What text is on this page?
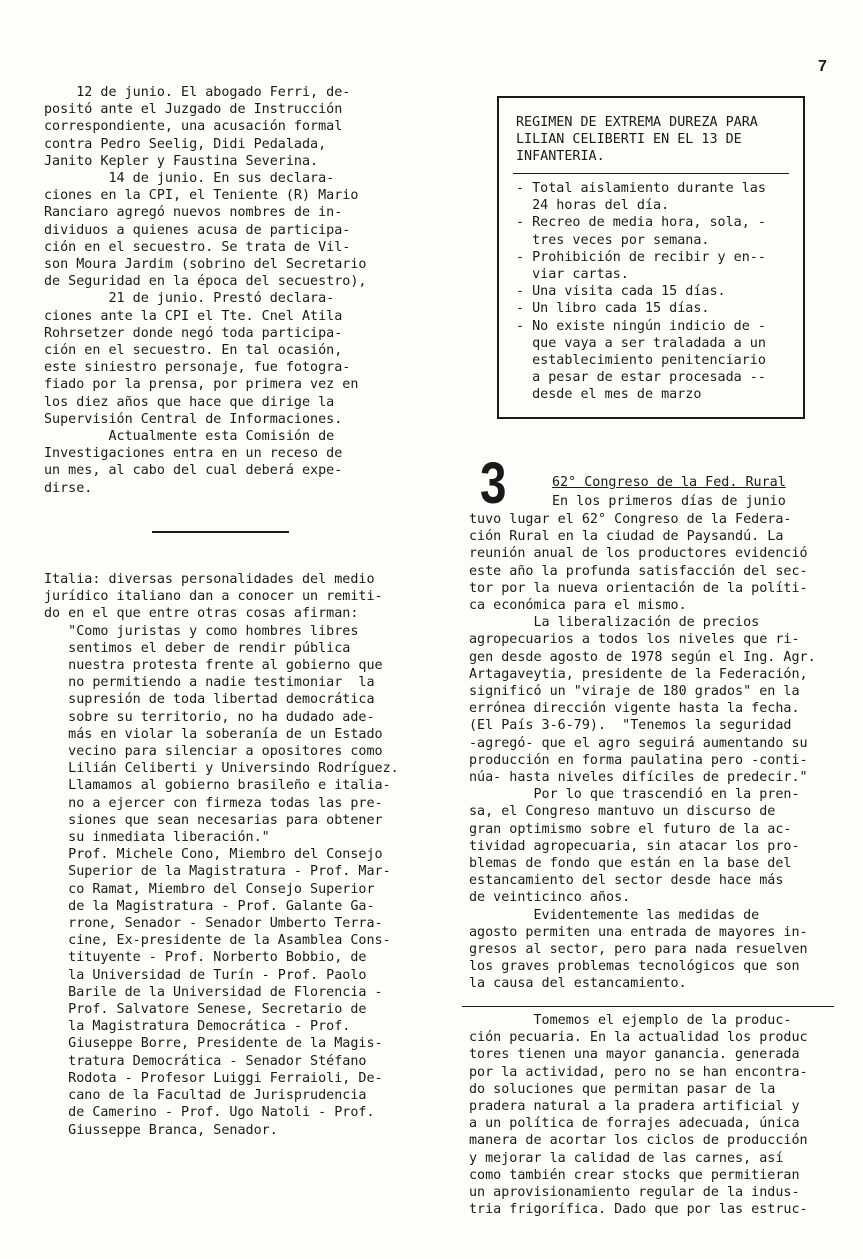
7
12 de junio. El abogado Ferri, de-
positó ante el Juzgado de Instrucción
correspondiente, una acusación formal
contra Pedro Seelig, Didi Pedalada,
Janito Kepler y Faustina Severina.
14 de junio. En sus declara-
ciones en la CPI, el Teniente (R) Mario
Ranciaro agregó nuevos nombres de in-
dividuos a quienes acusa de participa-
ción en el secuestro. Se trata de Vil-
son Moura Jardim (sobrino del Secretario
de Seguridad en la época del secuestro),
21 de junio. Prestó declara-
ciones ante la CPI el Tte. Cnel Atila
Rohrsetzer donde negó toda participa-
ción en el secuestro. En tal ocasión,
este siniestro personaje, fue fotogra-
fiado por la prensa, por primera vez en
los diez años que hace que dirige la
Supervisión Central de Informaciones.
Actualmente esta Comisión de
Investigaciones entra en un receso de
un mes, al cabo del cual deberá expe-
dirse.
Italia: diversas personalidades del medio
jurídico italiano dan a conocer un remiti-
do en el que entre otras cosas afirman:
"Como juristas y como hombres libres
sentimos el deber de rendir pública
nuestra protesta frente al gobierno que
no permitiendo a nadie testimoniar  la
supresión de toda libertad democrática
sobre su territorio, no ha dudado ade-
más en violar la soberanía de un Estado
vecino para silenciar a opositores como
Lilián Celiberti y Universindo Rodríguez.
Llamamos al gobierno brasileño e italia-
no a ejercer con firmeza todas las pre-
siones que sean necesarias para obtener
su inmediata liberación."
Prof. Michele Cono, Miembro del Consejo
Superior de la Magistratura - Prof. Mar-
co Ramat, Miembro del Consejo Superior
de la Magistratura - Prof. Galante Ga-
rrone, Senador - Senador Umberto Terra-
cine, Ex-presidente de la Asamblea Cons-
tituyente - Prof. Norberto Bobbio, de
la Universidad de Turín - Prof. Paolo
Barile de la Universidad de Florencia -
Prof. Salvatore Senese, Secretario de
la Magistratura Democrática - Prof.
Giuseppe Borre, Presidente de la Magis-
tratura Democrática - Senador Stéfano
Rodota - Profesor Luiggi Ferraioli, De-
cano de la Facultad de Jurisprudencia
de Camerino - Prof. Ugo Natoli - Prof.
Giusseppe Branca, Senador.
REGIMEN DE EXTREMA DUREZA PARA
LILIAN CELIBERTI EN EL 13 DE
INFANTERIA.
- Total aislamiento durante las
24 horas del día.
- Recreo de media hora, sola, -
tres veces por semana.
- Prohibición de recibir y en--
viar cartas.
- Una visita cada 15 días.
- Un libro cada 15 días.
- No existe ningún indicio de -
que vaya a ser traladada a un
establecimiento penitenciario
a pesar de estar procesada --
desde el mes de marzo
3	62° Congreso de la Fed. Rural
En los primeros días de junio
tuvo lugar el 62° Congreso de la Federa-
ción Rural en la ciudad de Paysandú. La
reunión anual de los productores evidenció
este año la profunda satisfacción del sec-
tor por la nueva orientación de la políti-
ca económica para el mismo.
La liberalización de precios
agropecuarios a todos los niveles que ri-
gen desde agosto de 1978 según el Ing. Agr.
Artagaveytia, presidente de la Federación,
significó un "viraje de 180 grados" en la
errónea dirección vigente hasta la fecha.
(El País 3-6-79).  "Tenemos la seguridad
-agregó- que el agro seguirá aumentando su
producción en forma paulatina pero -conti-
núa- hasta niveles difíciles de predecir."
Por lo que trascendió en la pren-
sa, el Congreso mantuvo un discurso de
gran optimismo sobre el futuro de la ac-
tividad agropecuaria, sin atacar los pro-
blemas de fondo que están en la base del
estancamiento del sector desde hace más
de veinticinco años.
Evidentemente las medidas de
agosto permiten una entrada de mayores in-
gresos al sector, pero para nada resuelven
los graves problemas tecnológicos que son
la causa del estancamiento.
Tomemos el ejemplo de la produc-
ción pecuaria. En la actualidad los produc
tores tienen una mayor ganancia. generada
por la actividad, pero no se han encontra-
do soluciones que permitan pasar de la
pradera natural a la pradera artificial y
a un política de forrajes adecuada, única
manera de acortar los ciclos de producción
y mejorar la calidad de las carnes, así
como también crear stocks que permitieran
un aprovisionamiento regular de la indus-
tria frigorífica. Dado que por las estruc-
